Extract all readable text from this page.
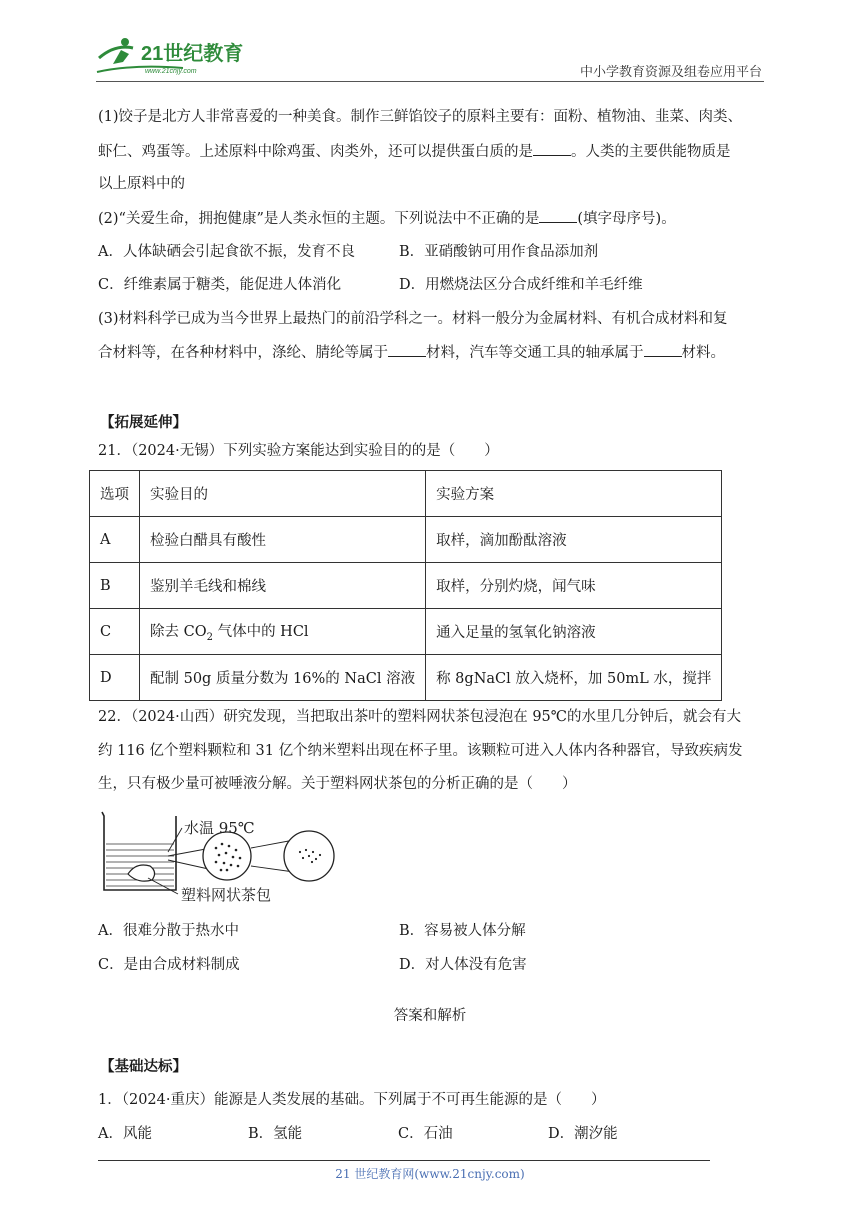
21世纪教育
www.21cnjy.com	中小学教育资源及组卷应用平台
(1)饺子是北方人非常喜爱的一种美食。制作三鲜馅饺子的原料主要有：面粉、植物油、韭菜、肉类、
虾仁、鸡蛋等。上述原料中除鸡蛋、肉类外，还可以提供蛋白质的是	。人类的主要供能物质是
以上原料中的
(2)“关爱生命，拥抱健康”是人类永恒的主题。下列说法中不正确的是	(填字母序号)。
A．人体缺硒会引起食欲不振，发育不良	B．亚硝酸钠可用作食品添加剂
C．纤维素属于糖类，能促进人体消化	D．用燃烧法区分合成纤维和羊毛纤维
(3)材料科学已成为当今世界上最热门的前沿学科之一。材料一般分为金属材料、有机合成材料和复
合材料等，在各种材料中，涤纶、腈纶等属于	材料，汽车等交通工具的轴承属于	材料。
【拓展延伸】
21．（2024·无锡）下列实验方案能达到实验目的的是（　　）
选项	实验目的	实验方案
A	检验白醋具有酸性	取样，滴加酚酞溶液
B	鉴别羊毛线和棉线	取样，分别灼烧，闻气味
C	除去 $CO_2$ 气体中的 HCl	通入足量的氢氧化钠溶液
D	配制 50g 质量分数为 16%的 NaCl 溶液	称 8gNaCl 放入烧杯，加 50mL 水，搅拌
22．（2024·山西）研究发现，当把取出茶叶的塑料网状茶包浸泡在 95℃的水里几分钟后，就会有大
约 116 亿个塑料颗粒和 31 亿个纳米塑料出现在杯子里。该颗粒可进入人体内各种器官，导致疾病发
生，只有极少量可被唾液分解。关于塑料网状茶包的分析正确的是（　　）
水温 95℃
塑料网状茶包
A．很难分散于热水中	B．容易被人体分解
C．是由合成材料制成	D．对人体没有危害
答案和解析
【基础达标】
1．（2024·重庆）能源是人类发展的基础。下列属于不可再生能源的是（　　）
A．风能	B．氢能	C．石油	D．潮汐能
21 世纪教育网(www.21cnjy.com)
